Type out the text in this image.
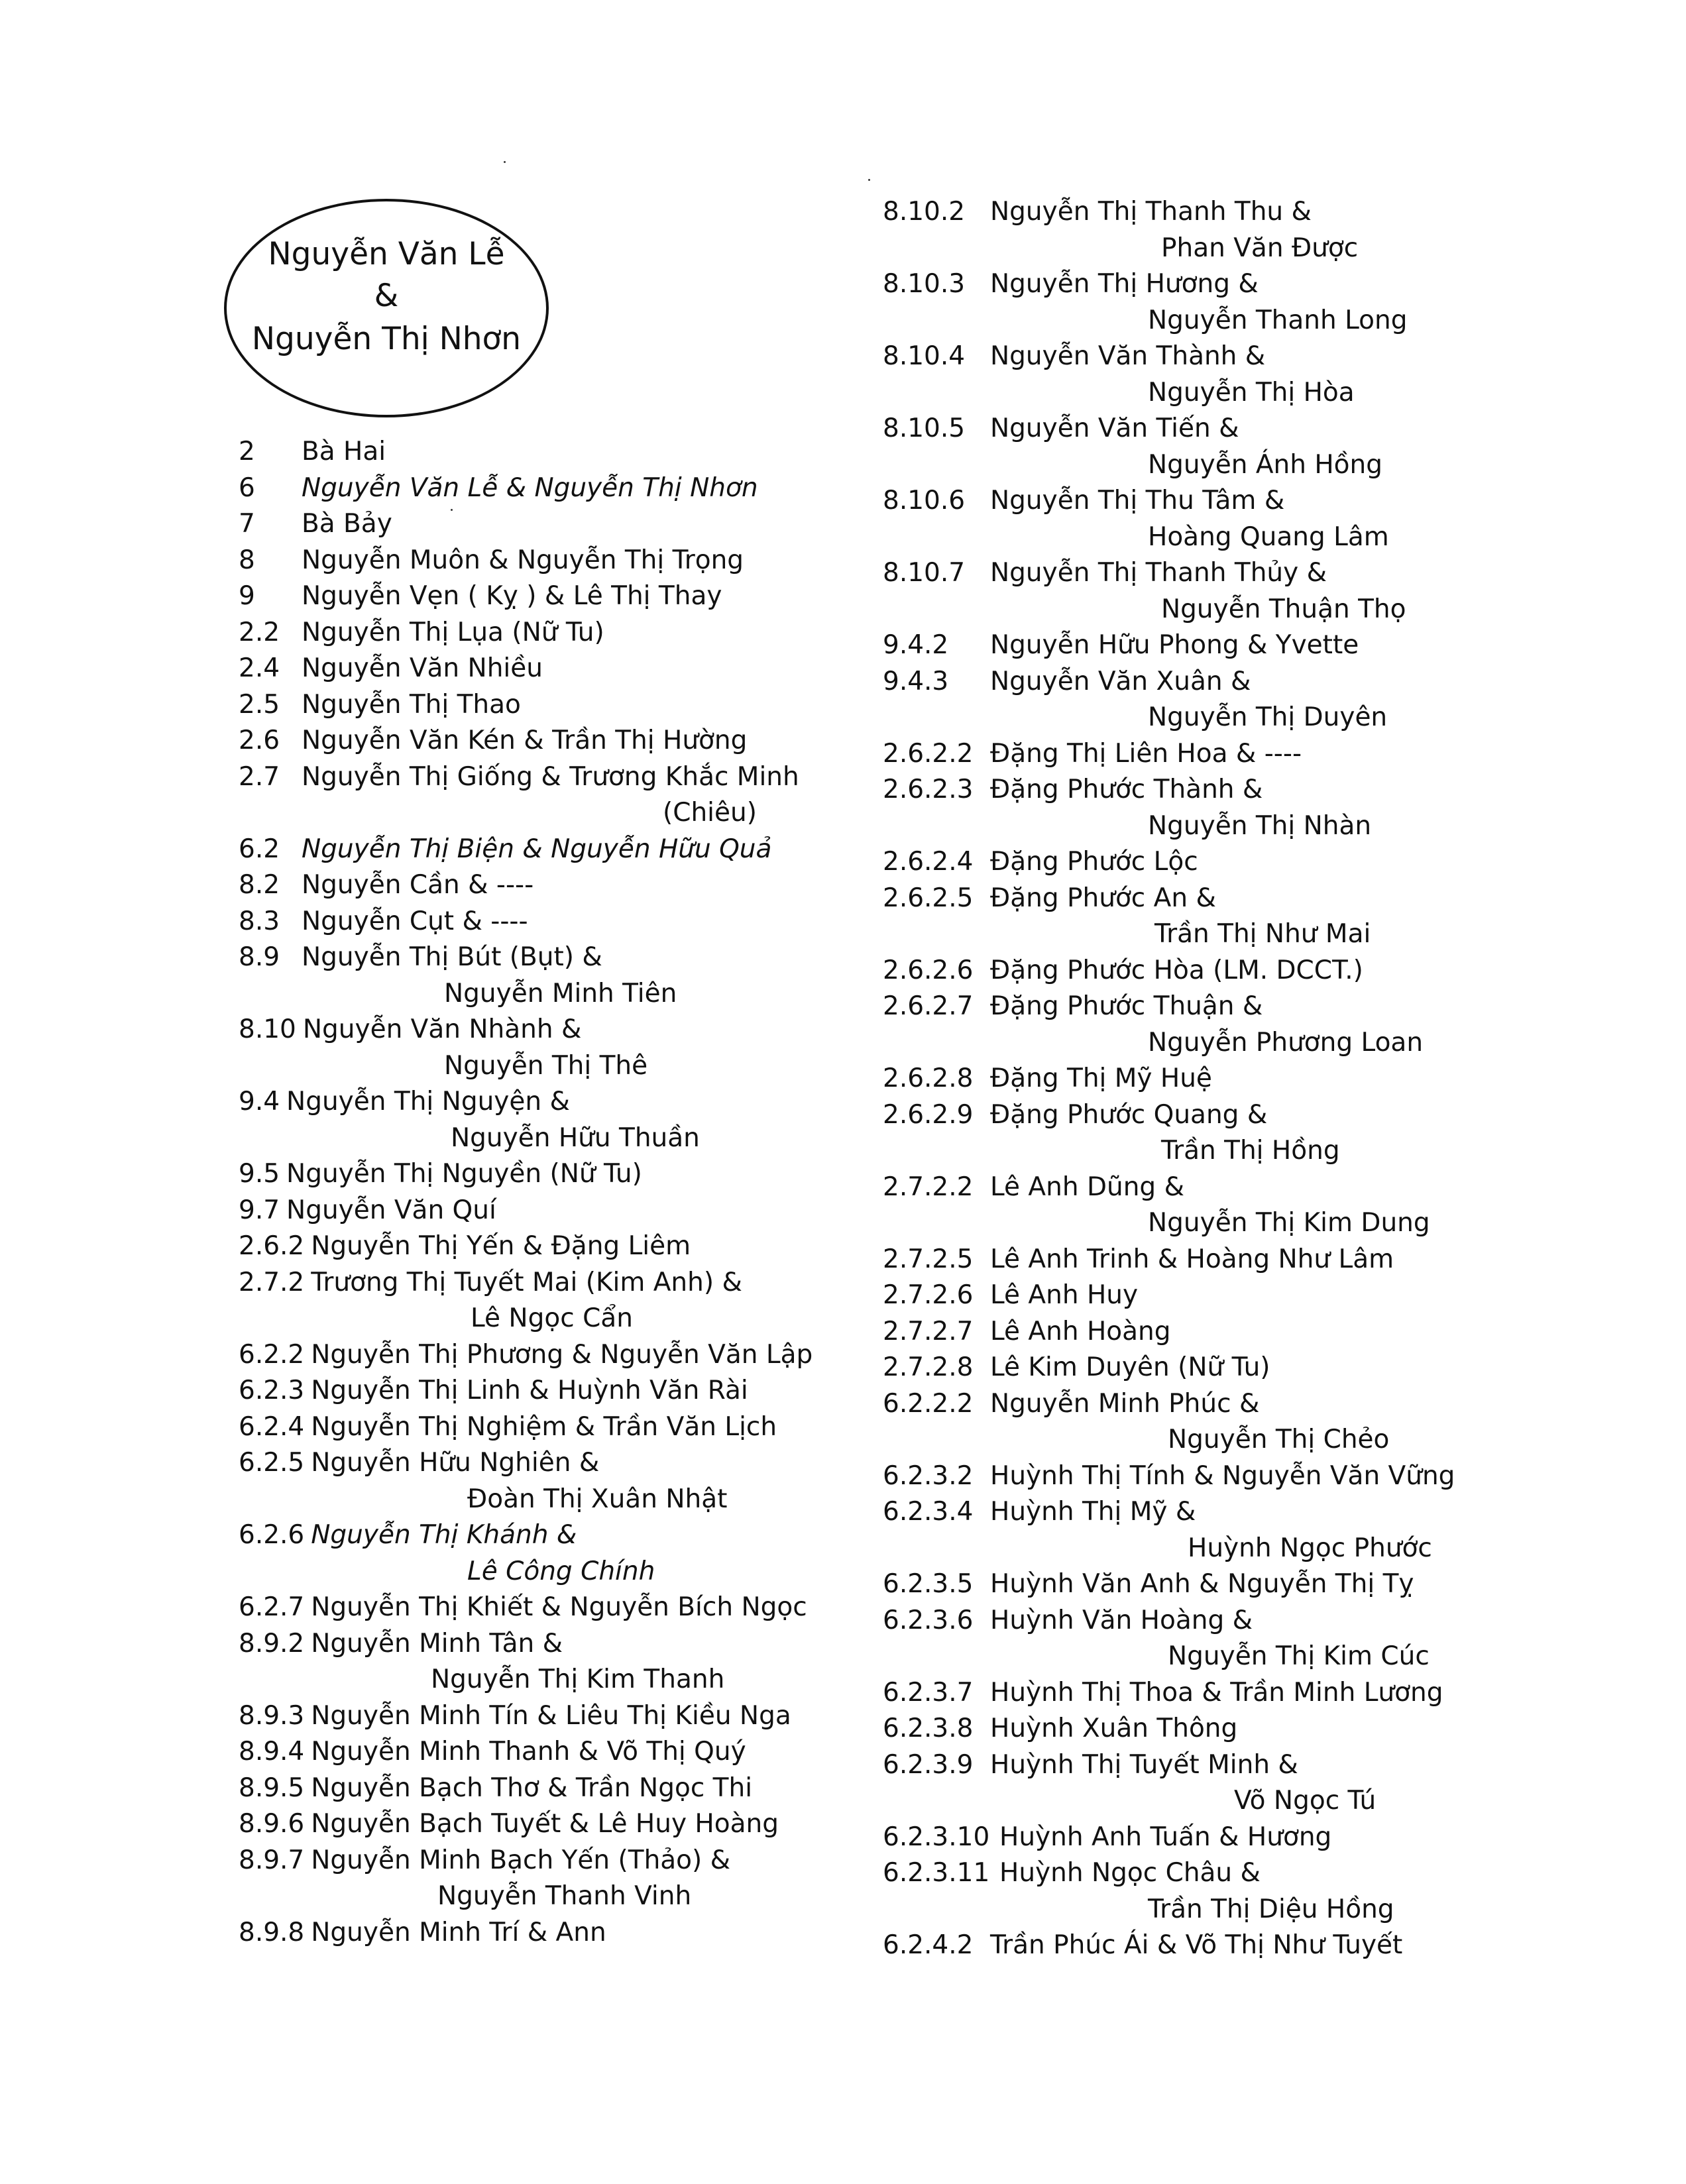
Nguyễn Văn Lễ
&
Nguyễn Thị Nhơn
2 Bà Hai
6 Nguyễn Văn Lễ & Nguyễn Thị Nhơn
7 Bà Bảy
8 Nguyễn Muôn & Nguyễn Thị Trọng
9 Nguyễn Vẹn ( Kỵ ) & Lê Thị Thay
2.2 Nguyễn Thị Lụa (Nữ Tu)
2.4 Nguyễn Văn Nhiều
2.5 Nguyễn Thị Thao
2.6 Nguyễn Văn Kén & Trần Thị Hường
2.7 Nguyễn Thị Giống & Trương Khắc Minh
(Chiêu)
6.2 Nguyễn Thị Biện & Nguyễn Hữu Quả
8.2 Nguyễn Cần & ----
8.3 Nguyễn Cụt & ----
8.9 Nguyễn Thị Bút (Bụt) &
Nguyễn Minh Tiên
8.10 Nguyễn Văn Nhành &
Nguyễn Thị Thê
9.4 Nguyễn Thị Nguyện &
Nguyễn Hữu Thuần
9.5 Nguyễn Thị Nguyền (Nữ Tu)
9.7 Nguyễn Văn Quí
2.6.2 Nguyễn Thị Yến & Đặng Liêm
2.7.2 Trương Thị Tuyết Mai (Kim Anh) &
Lê Ngọc Cẩn
6.2.2 Nguyễn Thị Phương & Nguyễn Văn Lập
6.2.3 Nguyễn Thị Linh & Huỳnh Văn Rài
6.2.4 Nguyễn Thị Nghiệm & Trần Văn Lịch
6.2.5 Nguyễn Hữu Nghiên &
Đoàn Thị Xuân Nhật
6.2.6 Nguyễn Thị Khánh &
Lê Công Chính
6.2.7 Nguyễn Thị Khiết & Nguyễn Bích Ngọc
8.9.2 Nguyễn Minh Tân &
Nguyễn Thị Kim Thanh
8.9.3 Nguyễn Minh Tín & Liêu Thị Kiều Nga
8.9.4 Nguyễn Minh Thanh & Võ Thị Quý
8.9.5 Nguyễn Bạch Thơ & Trần Ngọc Thi
8.9.6 Nguyễn Bạch Tuyết & Lê Huy Hoàng
8.9.7 Nguyễn Minh Bạch Yến (Thảo) &
Nguyễn Thanh Vinh
8.9.8 Nguyễn Minh Trí & Ann
8.10.2 Nguyễn Thị Thanh Thu &
Phan Văn Được
8.10.3 Nguyễn Thị Hương &
Nguyễn Thanh Long
8.10.4 Nguyễn Văn Thành &
Nguyễn Thị Hòa
8.10.5 Nguyễn Văn Tiến &
Nguyễn Ánh Hồng
8.10.6 Nguyễn Thị Thu Tâm &
Hoàng Quang Lâm
8.10.7 Nguyễn Thị Thanh Thủy &
Nguyễn Thuận Thọ
9.4.2 Nguyễn Hữu Phong & Yvette
9.4.3 Nguyễn Văn Xuân &
Nguyễn Thị Duyên
2.6.2.2 Đặng Thị Liên Hoa & ----
2.6.2.3 Đặng Phước Thành &
Nguyễn Thị Nhàn
2.6.2.4 Đặng Phước Lộc
2.6.2.5 Đặng Phước An &
Trần Thị Như Mai
2.6.2.6 Đặng Phước Hòa (LM. DCCT.)
2.6.2.7 Đặng Phước Thuận &
Nguyễn Phương Loan
2.6.2.8 Đặng Thị Mỹ Huệ
2.6.2.9 Đặng Phước Quang &
Trần Thị Hồng
2.7.2.2 Lê Anh Dũng &
Nguyễn Thị Kim Dung
2.7.2.5 Lê Anh Trinh & Hoàng Như Lâm
2.7.2.6 Lê Anh Huy
2.7.2.7 Lê Anh Hoàng
2.7.2.8 Lê Kim Duyên (Nữ Tu)
6.2.2.2 Nguyễn Minh Phúc &
Nguyễn Thị Chẻo
6.2.3.2 Huỳnh Thị Tính & Nguyễn Văn Vững
6.2.3.4 Huỳnh Thị Mỹ &
Huỳnh Ngọc Phước
6.2.3.5 Huỳnh Văn Anh & Nguyễn Thị Tỵ
6.2.3.6 Huỳnh Văn Hoàng &
Nguyễn Thị Kim Cúc
6.2.3.7 Huỳnh Thị Thoa & Trần Minh Lương
6.2.3.8 Huỳnh Xuân Thông
6.2.3.9 Huỳnh Thị Tuyết Minh &
Võ Ngọc Tú
6.2.3.10 Huỳnh Anh Tuấn & Hương
6.2.3.11 Huỳnh Ngọc Châu &
Trần Thị Diệu Hồng
6.2.4.2 Trần Phúc Ái & Võ Thị Như Tuyết
